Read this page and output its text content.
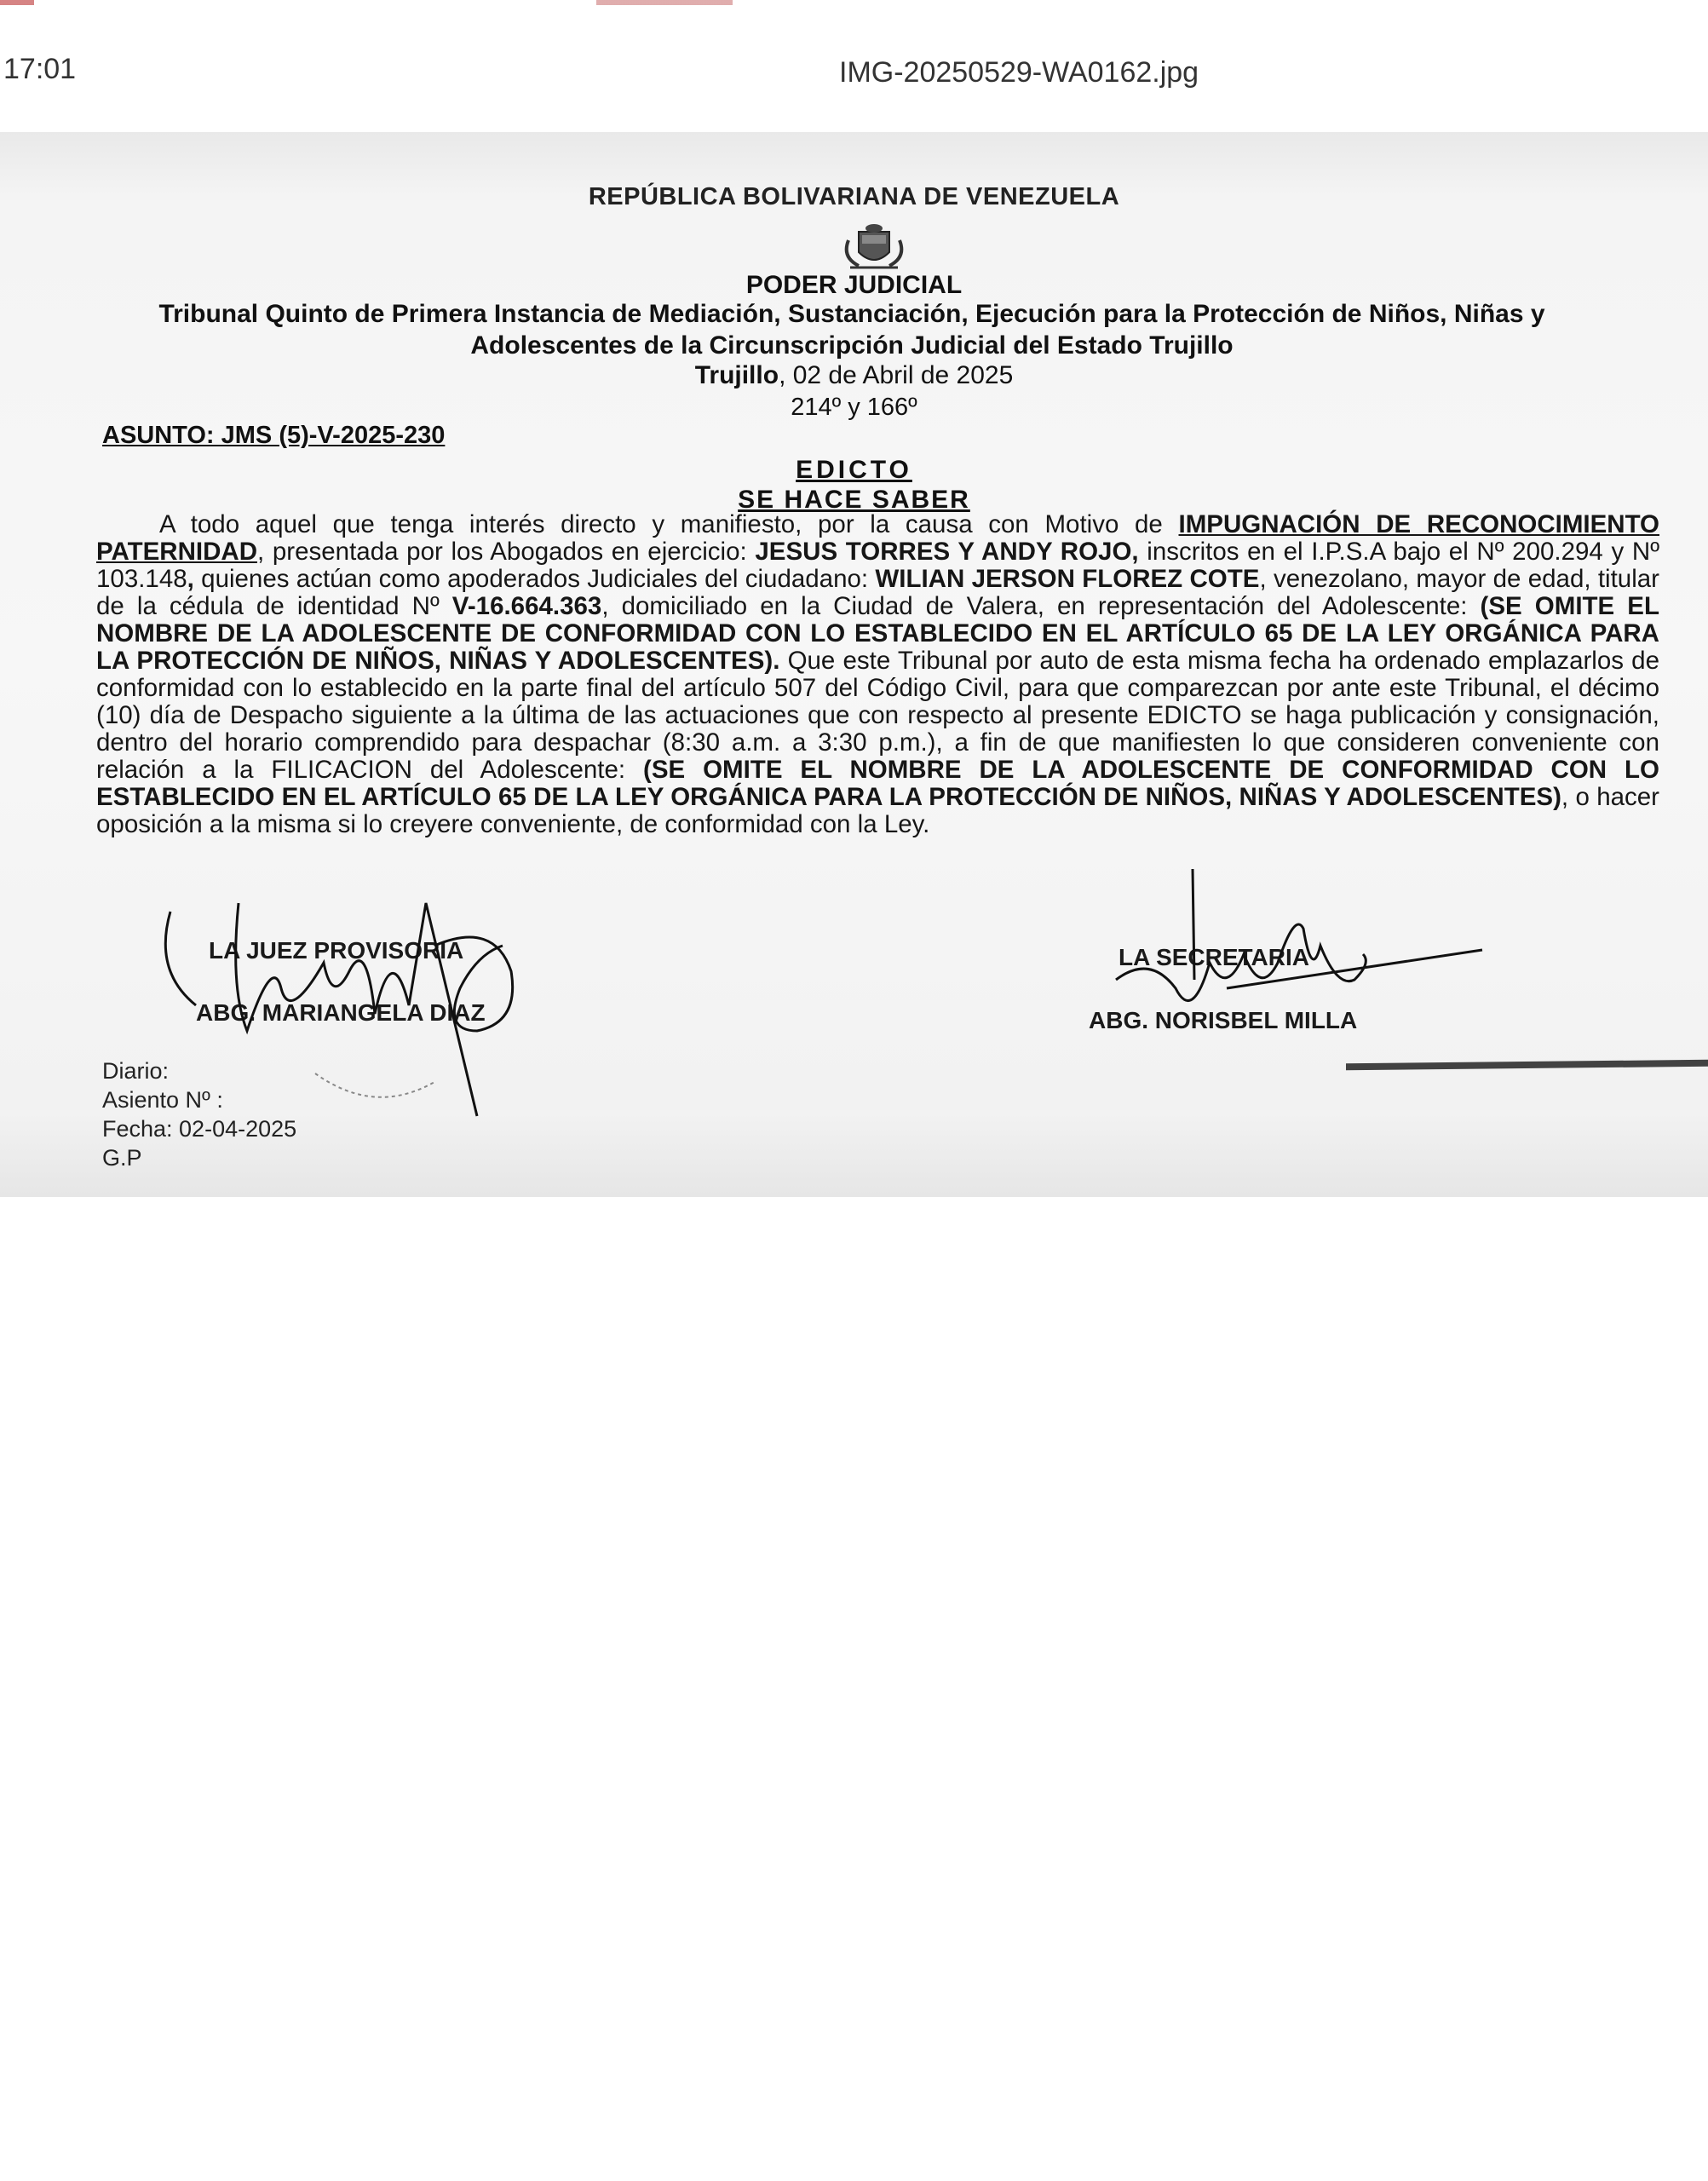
17:01	IMG-20250529-WA0162.jpg
REPÚBLICA BOLIVARIANA DE VENEZUELA
PODER JUDICIAL
Tribunal Quinto de Primera Instancia de Mediación, Sustanciación, Ejecución para la Protección de Niños, Niñas y Adolescentes de la Circunscripción Judicial del Estado Trujillo
Trujillo, 02 de Abril de 2025
214º y 166º
ASUNTO: JMS (5)-V-2025-230
EDICTO
SE HACE SABER
A todo aquel que tenga interés directo y manifiesto, por la causa con Motivo de IMPUGNACIÓN DE RECONOCIMIENTO PATERNIDAD, presentada por los Abogados en ejercicio: JESUS TORRES Y ANDY ROJO, inscritos en el I.P.S.A bajo el Nº 200.294 y Nº 103.148, quienes actúan como apoderados Judiciales del ciudadano: WILIAN JERSON FLOREZ COTE, venezolano, mayor de edad, titular de la cédula de identidad Nº V-16.664.363, domiciliado en la Ciudad de Valera, en representación del Adolescente: (SE OMITE EL NOMBRE DE LA ADOLESCENTE DE CONFORMIDAD CON LO ESTABLECIDO EN EL ARTÍCULO 65 DE LA LEY ORGÁNICA PARA LA PROTECCIÓN DE NIÑOS, NIÑAS Y ADOLESCENTES). Que este Tribunal por auto de esta misma fecha ha ordenado emplazarlos de conformidad con lo establecido en la parte final del artículo 507 del Código Civil, para que comparezcan por ante este Tribunal, el décimo (10) día de Despacho siguiente a la última de las actuaciones que con respecto al presente EDICTO se haga publicación y consignación, dentro del horario comprendido para despachar (8:30 a.m. a 3:30 p.m.), a fin de que manifiesten lo que consideren conveniente con relación a la FILICACION del Adolescente: (SE OMITE EL NOMBRE DE LA ADOLESCENTE DE CONFORMIDAD CON LO ESTABLECIDO EN EL ARTÍCULO 65 DE LA LEY ORGÁNICA PARA LA PROTECCIÓN DE NIÑOS, NIÑAS Y ADOLESCENTES), o hacer oposición a la misma si lo creyere conveniente, de conformidad con la Ley.
LA JUEZ PROVISORIA
ABG. MARIANGELA DIAZ
LA SECRETARIA
ABG. NORISBEL MILLA
Diario:
Asiento Nº :
Fecha: 02-04-2025
G.P
